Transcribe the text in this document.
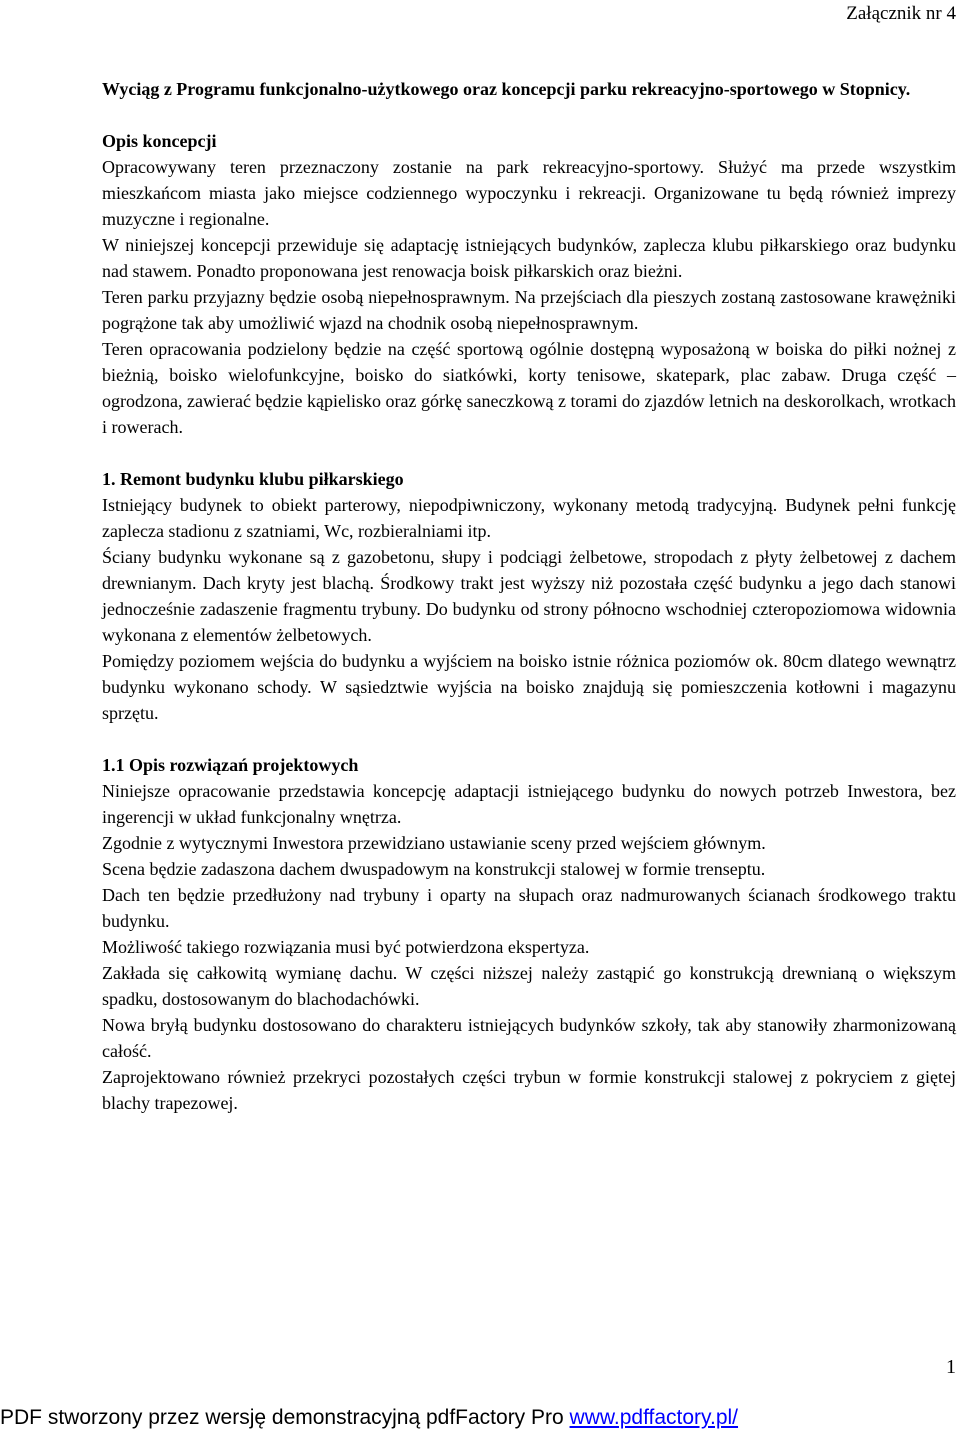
Załącznik nr 4

Wyciąg z Programu funkcjonalno-użytkowego oraz koncepcji parku rekreacyjno-sportowego w Stopnicy.

Opis koncepcji

Opracowywany teren przeznaczony zostanie na park rekreacyjno-sportowy. Służyć ma przede wszystkim mieszkańcom miasta jako miejsce codziennego wypoczynku i rekreacji. Organizowane tu będą również imprezy muzyczne i regionalne.

W niniejszej koncepcji przewiduje się adaptację istniejących budynków, zaplecza klubu piłkarskiego oraz budynku nad stawem. Ponadto proponowana jest renowacja boisk piłkarskich oraz bieżni.

Teren parku przyjazny będzie osobą niepełnosprawnym. Na przejściach dla pieszych zostaną zastosowane krawężniki pogrążone tak aby umożliwić wjazd na chodnik osobą niepełnosprawnym.

Teren opracowania podzielony będzie na część sportową ogólnie dostępną wyposażoną w boiska do piłki nożnej z bieżnią, boisko wielofunkcyjne, boisko do siatkówki, korty tenisowe, skatepark, plac zabaw. Druga część – ogrodzona, zawierać będzie kąpielisko oraz górkę saneczkową z torami do zjazdów letnich na deskorolkach, wrotkach i rowerach.

1. Remont budynku klubu piłkarskiego

Istniejący budynek to obiekt parterowy, niepodpiwniczony, wykonany metodą tradycyjną. Budynek pełni funkcję zaplecza stadionu z szatniami, Wc, rozbieralniami itp.

Ściany budynku wykonane są z gazobetonu, słupy i podciągi żelbetowe, stropodach z płyty żelbetowej z dachem drewnianym. Dach kryty jest blachą. Środkowy trakt jest wyższy niż pozostała część budynku a jego dach stanowi jednocześnie zadaszenie fragmentu trybuny. Do budynku od strony północno wschodniej czteropoziomowa widownia wykonana z elementów żelbetowych.

Pomiędzy poziomem wejścia do budynku a wyjściem na boisko istnie różnica poziomów ok. 80cm dlatego wewnątrz budynku wykonano schody. W sąsiedztwie wyjścia na boisko znajdują się pomieszczenia kotłowni i magazynu sprzętu.

1.1 Opis rozwiązań projektowych

Niniejsze opracowanie przedstawia koncepcję adaptacji istniejącego budynku do nowych potrzeb Inwestora, bez ingerencji w układ funkcjonalny wnętrza.

Zgodnie z wytycznymi Inwestora przewidziano ustawianie sceny przed wejściem głównym.

Scena będzie zadaszona dachem dwuspadowym na konstrukcji stalowej w formie trenseptu.

Dach ten będzie przedłużony nad trybuny i oparty na słupach oraz nadmurowanych ścianach środkowego traktu budynku.

Możliwość takiego rozwiązania musi być potwierdzona ekspertyza.

Zakłada się całkowitą wymianę dachu. W części niższej należy zastąpić go konstrukcją drewnianą o większym spadku, dostosowanym do blachodachówki.

Nowa bryłą budynku dostosowano do charakteru istniejących budynków szkoły, tak aby stanowiły zharmonizowaną całość.

Zaprojektowano również przekryci pozostałych części trybun w formie konstrukcji stalowej z pokryciem z giętej blachy trapezowej.

1
PDF stworzony przez wersję demonstracyjną pdfFactory Pro www.pdffactory.pl/
